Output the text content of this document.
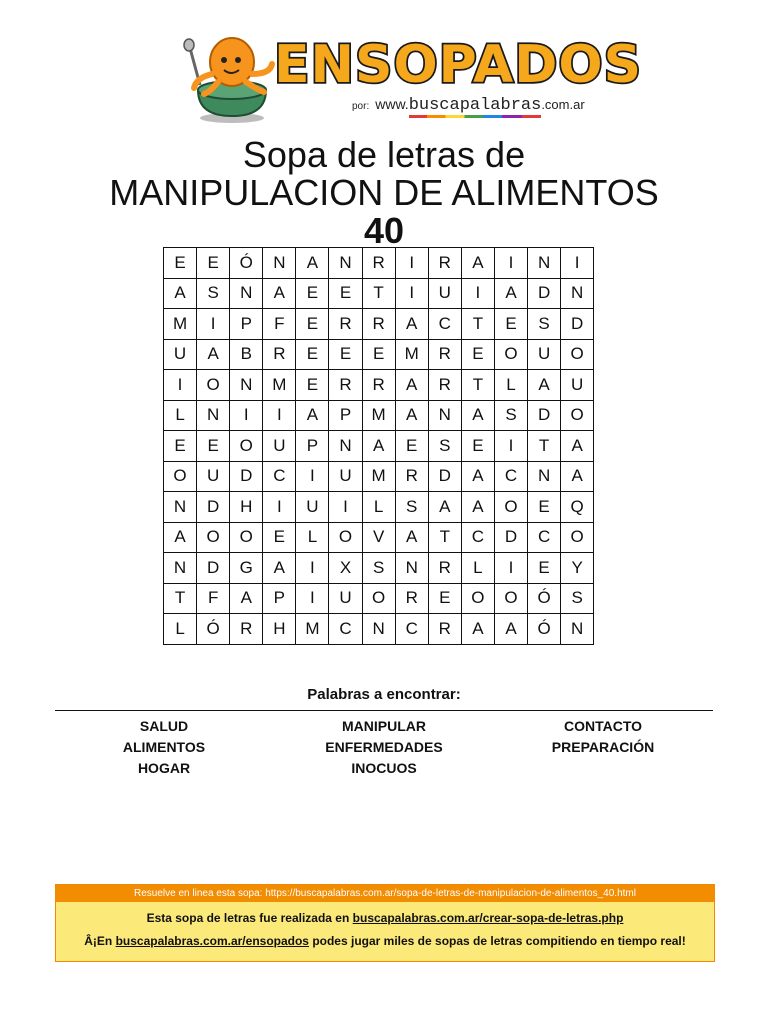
ENSOPADOS
por: www.buscapalabras.com.ar
Sopa de letras de
MANIPULACION DE ALIMENTOS
40
E	E	Ó	N	A	N	R	I	R	A	I	N	I
A	S	N	A	E	E	T	I	U	I	A	D	N
M	I	P	F	E	R	R	A	C	T	E	S	D
U	A	B	R	E	E	E	M	R	E	O	U	O
I	O	N	M	E	R	R	A	R	T	L	A	U
L	N	I	I	A	P	M	A	N	A	S	D	O
E	E	O	U	P	N	A	E	S	E	I	T	A
O	U	D	C	I	U	M	R	D	A	C	N	A
N	D	H	I	U	I	L	S	A	A	O	E	Q
A	O	O	E	L	O	V	A	T	C	D	C	O
N	D	G	A	I	X	S	N	R	L	I	E	Y
T	F	A	P	I	U	O	R	E	O	O	Ó	S
L	Ó	R	H	M	C	N	C	R	A	A	Ó	N
Palabras a encontrar:
SALUD
ALIMENTOS
HOGAR
MANIPULAR
ENFERMEDADES
INOCUOS
CONTACTO
PREPARACIÓN
Resuelve en linea esta sopa: https://buscapalabras.com.ar/sopa-de-letras-de-manipulacion-de-alimentos_40.html
Esta sopa de letras fue realizada en buscapalabras.com.ar/crear-sopa-de-letras.php
Â¡En buscapalabras.com.ar/ensopados podes jugar miles de sopas de letras compitiendo en tiempo real!
